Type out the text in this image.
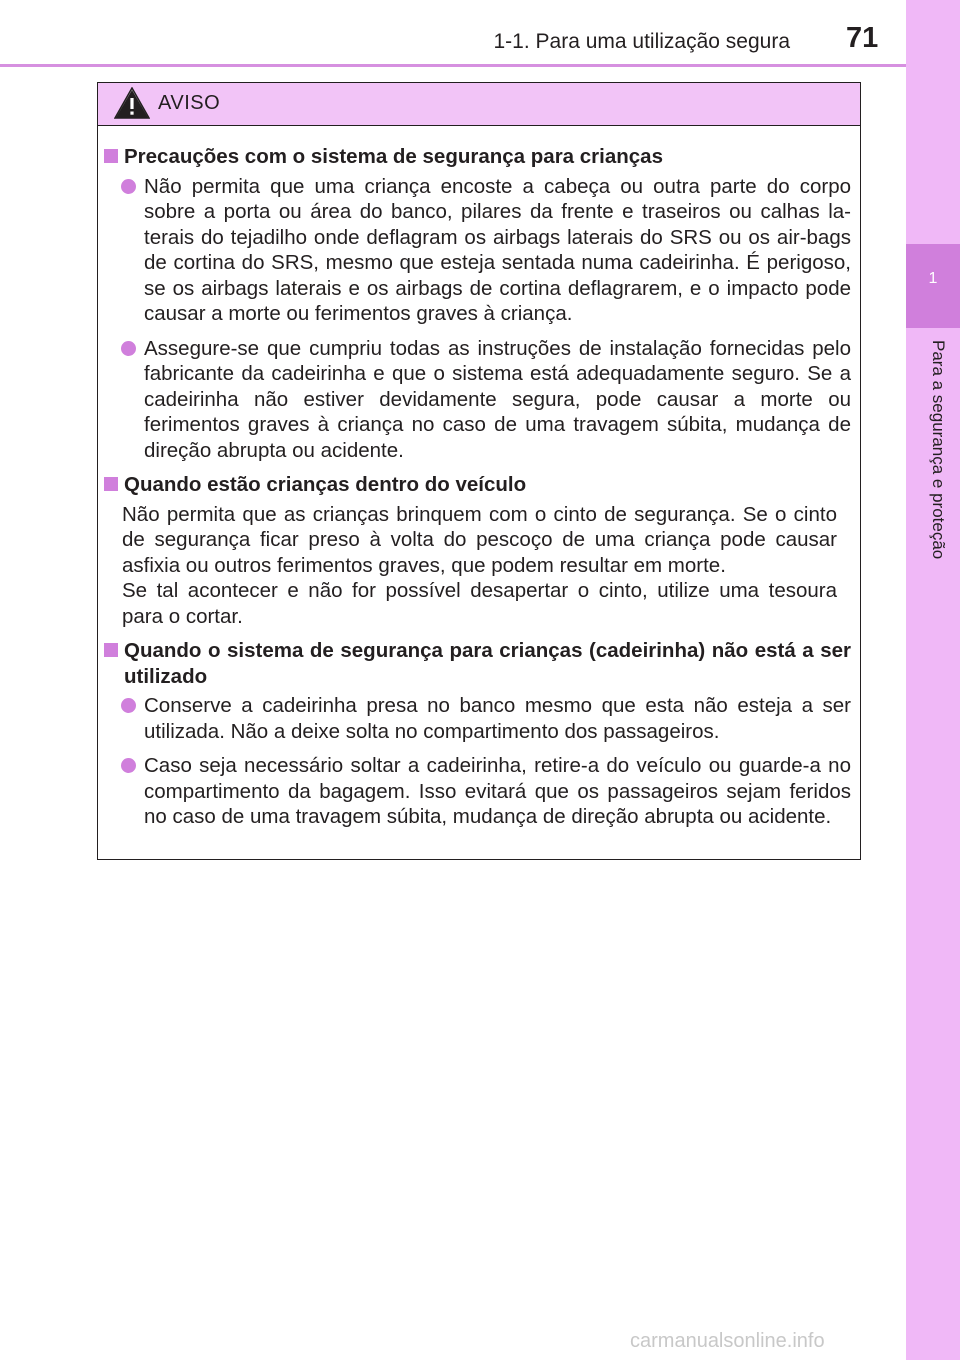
1-1. Para uma utilização segura 71
1
Para a segurança e proteção
AVISO
Precauções com o sistema de segurança para crianças
Não permita que uma criança encoste a cabeça ou outra parte do corpo sobre a porta ou área do banco, pilares da frente e traseiros ou calhas la-terais do tejadilho onde deflagram os airbags laterais do SRS ou os air-bags de cortina do SRS, mesmo que esteja sentada numa cadeirinha. É perigoso, se os airbags laterais e os airbags de cortina deflagrarem, e o impacto pode causar a morte ou ferimentos graves à criança.
Assegure-se que cumpriu todas as instruções de instalação fornecidas pelo fabricante da cadeirinha e que o sistema está adequadamente seguro. Se a cadeirinha não estiver devidamente segura, pode causar a morte ou ferimentos graves à criança no caso de uma travagem súbita, mudança de direção abrupta ou acidente.
Quando estão crianças dentro do veículo
Não permita que as crianças brinquem com o cinto de segurança. Se o cinto de segurança ficar preso à volta do pescoço de uma criança pode causar asfixia ou outros ferimentos graves, que podem resultar em morte.
Se tal acontecer e não for possível desapertar o cinto, utilize uma tesoura para o cortar.
Quando o sistema de segurança para crianças (cadeirinha) não está a ser utilizado
Conserve a cadeirinha presa no banco mesmo que esta não esteja a ser utilizada. Não a deixe solta no compartimento dos passageiros.
Caso seja necessário soltar a cadeirinha, retire-a do veículo ou guarde-a no compartimento da bagagem. Isso evitará que os passageiros sejam feridos no caso de uma travagem súbita, mudança de direção abrupta ou acidente.
carmanualsonline.info
